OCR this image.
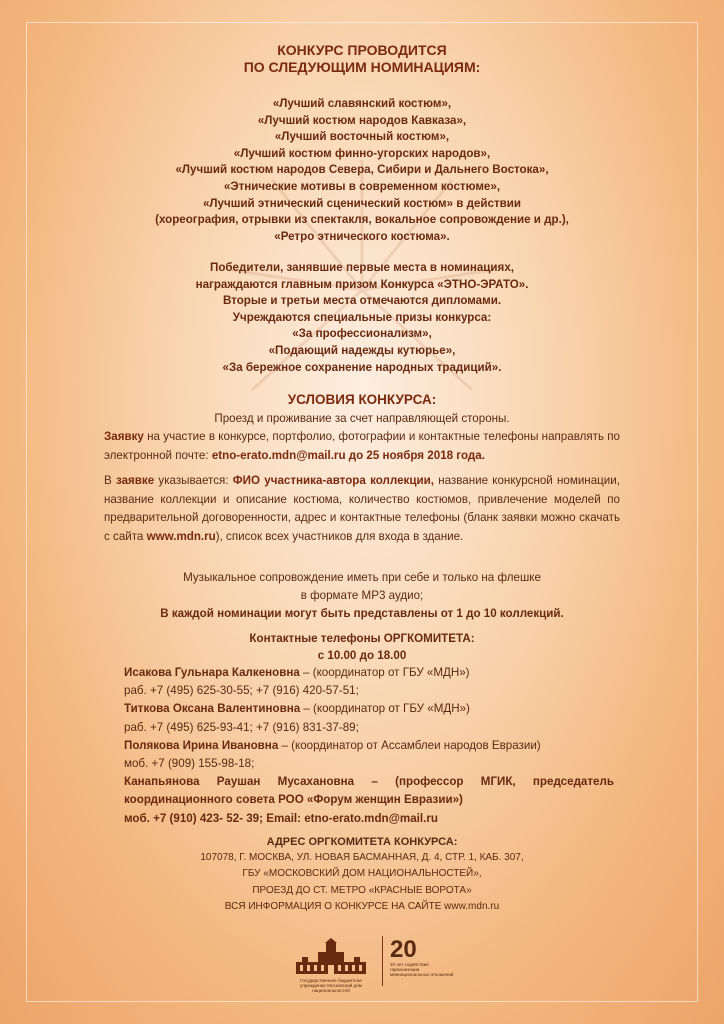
КОНКУРС ПРОВОДИТСЯ
ПО СЛЕДУЮЩИМ НОМИНАЦИЯМ:
«Лучший славянский костюм»,
«Лучший костюм народов Кавказа»,
«Лучший восточный костюм»,
«Лучший костюм финно-угорских народов»,
«Лучший костюм народов Севера, Сибири и Дальнего Востока»,
«Этнические мотивы в современном костюме»,
«Лучший этнический сценический костюм» в действии
(хореография, отрывки из спектакля, вокальное сопровождение и др.),
«Ретро этнического костюма».
Победители, занявшие первые места в номинациях,
награждаются главным призом Конкурса «ЭТНО-ЭРАТО».
Вторые и третьи места отмечаются дипломами.
Учреждаются специальные призы конкурса:
«За профессионализм»,
«Подающий надежды кутюрье»,
«За бережное сохранение народных традиций».
УСЛОВИЯ КОНКУРСА:
Проезд и проживание за счет направляющей стороны.
Заявку на участие в конкурсе, портфолио, фотографии и контактные телефоны направлять по электронной почте: etno-erato.mdn@mail.ru до 25 ноября 2018 года.
В заявке указывается: ФИО участника-автора коллекции, название конкурсной номинации, название коллекции и описание костюма, количество костюмов, привлечение моделей по предварительной договоренности, адрес и контактные телефоны (бланк заявки можно скачать с сайта www.mdn.ru), список всех участников для входа в здание.
Музыкальное сопровождение иметь при себе и только на флешке
в формате MP3 аудио;
В каждой номинации могут быть представлены от 1 до 10 коллекций.
Контактные телефоны ОРГКОМИТЕТА:
с 10.00 до 18.00
Исакова Гульнара Калкеновна – (координатор от ГБУ «МДН»)
раб. +7 (495) 625-30-55; +7 (916) 420-57-51;
Титкова Оксана Валентиновна – (координатор от ГБУ «МДН»)
раб. +7 (495) 625-93-41; +7 (916) 831-37-89;
Полякова Ирина Ивановна – (координатор от Ассамблеи народов Евразии)
моб. +7 (909) 155-98-18;
Канапьянова Раушан Мусахановна – (профессор МГИК, председатель координационного совета РОО «Форум женщин Евразии»)
моб. +7 (910) 423- 52- 39; Email: etno-erato.mdn@mail.ru
АДРЕС ОРГКОМИТЕТА КОНКУРСА:
107078, Г. МОСКВА, УЛ. НОВАЯ БАСМАННАЯ, Д. 4, СТР. 1, КАБ. 307,
ГБУ «МОСКОВСКИЙ ДОМ НАЦИОНАЛЬНОСТЕЙ»,
ПРОЕЗД ДО СТ. МЕТРО «КРАСНЫЕ ВОРОТА»
ВСЯ ИНФОРМАЦИЯ О КОНКУРСЕ НА САЙТЕ www.mdn.ru
Государственное бюджетное учреждение Московский дом национальностей
20
20 лет содействия гармонизации межнациональных отношений
